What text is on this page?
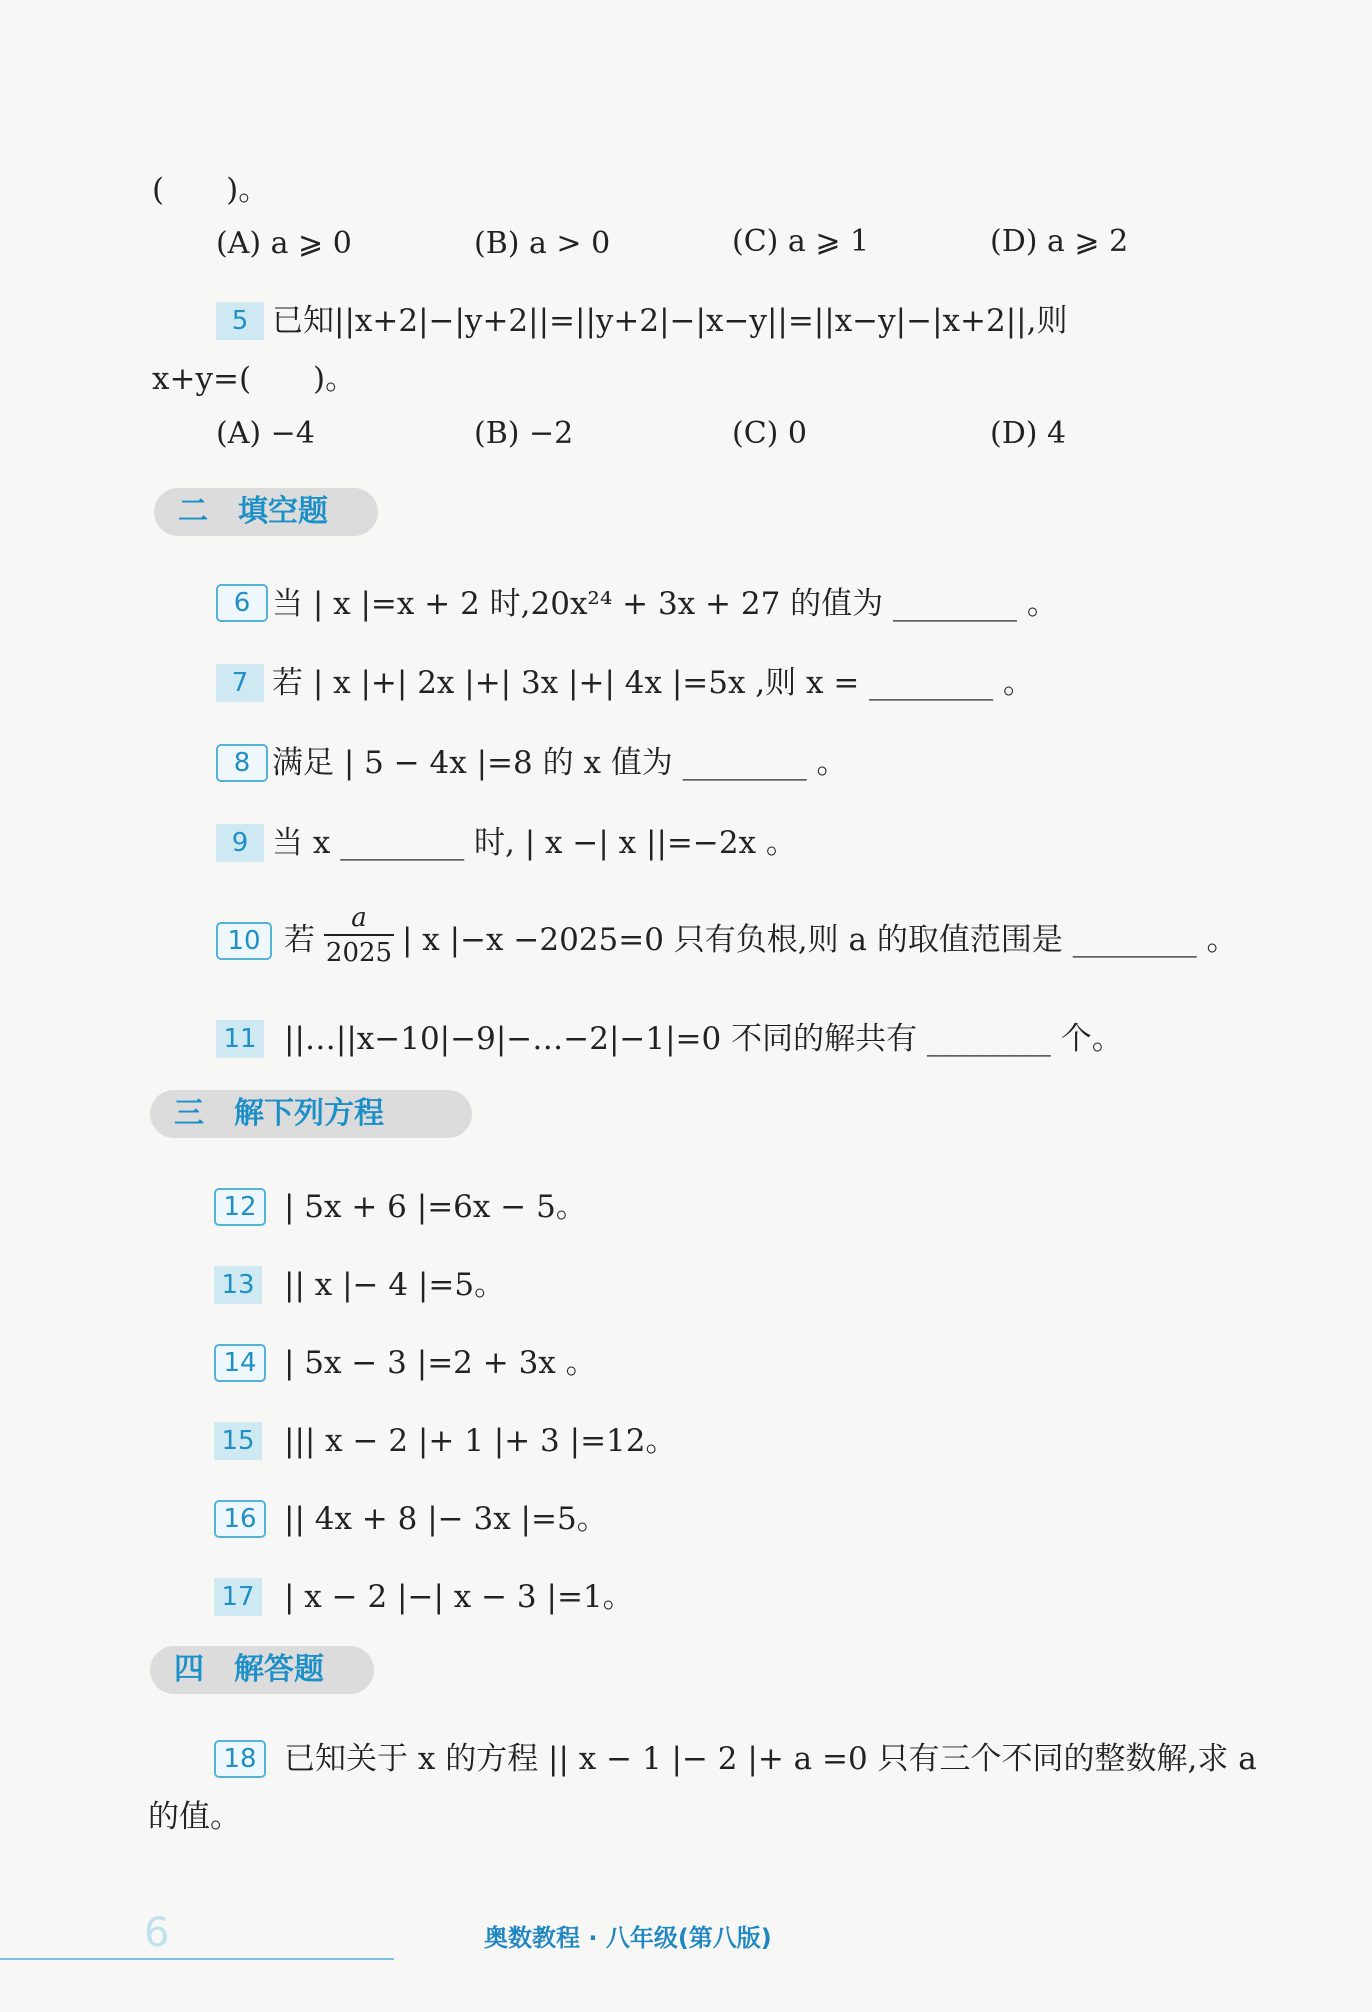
(　　)。
(A) a ⩾ 0	(B) a > 0	(C) a ⩾ 1	(D) a ⩾ 2
5 已知||x+2|−|y+2||=||y+2|−|x−y||=||x−y|−|x+2||,则
x+y=(　　)。
(A) −4	(B) −2	(C) 0	(D) 4
二　填空题
6 当 | x |=x + 2 时,20x²⁴ + 3x + 27 的值为 ________ 。
7 若 | x |+| 2x |+| 3x |+| 4x |=5x ,则 x = ________ 。
8 满足 | 5 − 4x |=8 的 x 值为 ________ 。
9 当 x ________ 时, | x −| x ||=−2x 。
10 若 $\frac{a}{2025}$ | x |−x −2025=0 只有负根,则 a 的取值范围是 ________ 。
11 ||…||x−10|−9|−…−2|−1|=0 不同的解共有 ________ 个。
三　解下列方程
12 | 5x + 6 |=6x − 5。
13 || x |− 4 |=5。
14 | 5x − 3 |=2 + 3x 。
15 ||| x − 2 |+ 1 |+ 3 |=12。
16 || 4x + 8 |− 3x |=5。
17 | x − 2 |−| x − 3 |=1。
四　解答题
18 已知关于 x 的方程 || x − 1 |− 2 |+ a =0 只有三个不同的整数解,求 a
的值。
6	奥数教程 · 八年级(第八版)
